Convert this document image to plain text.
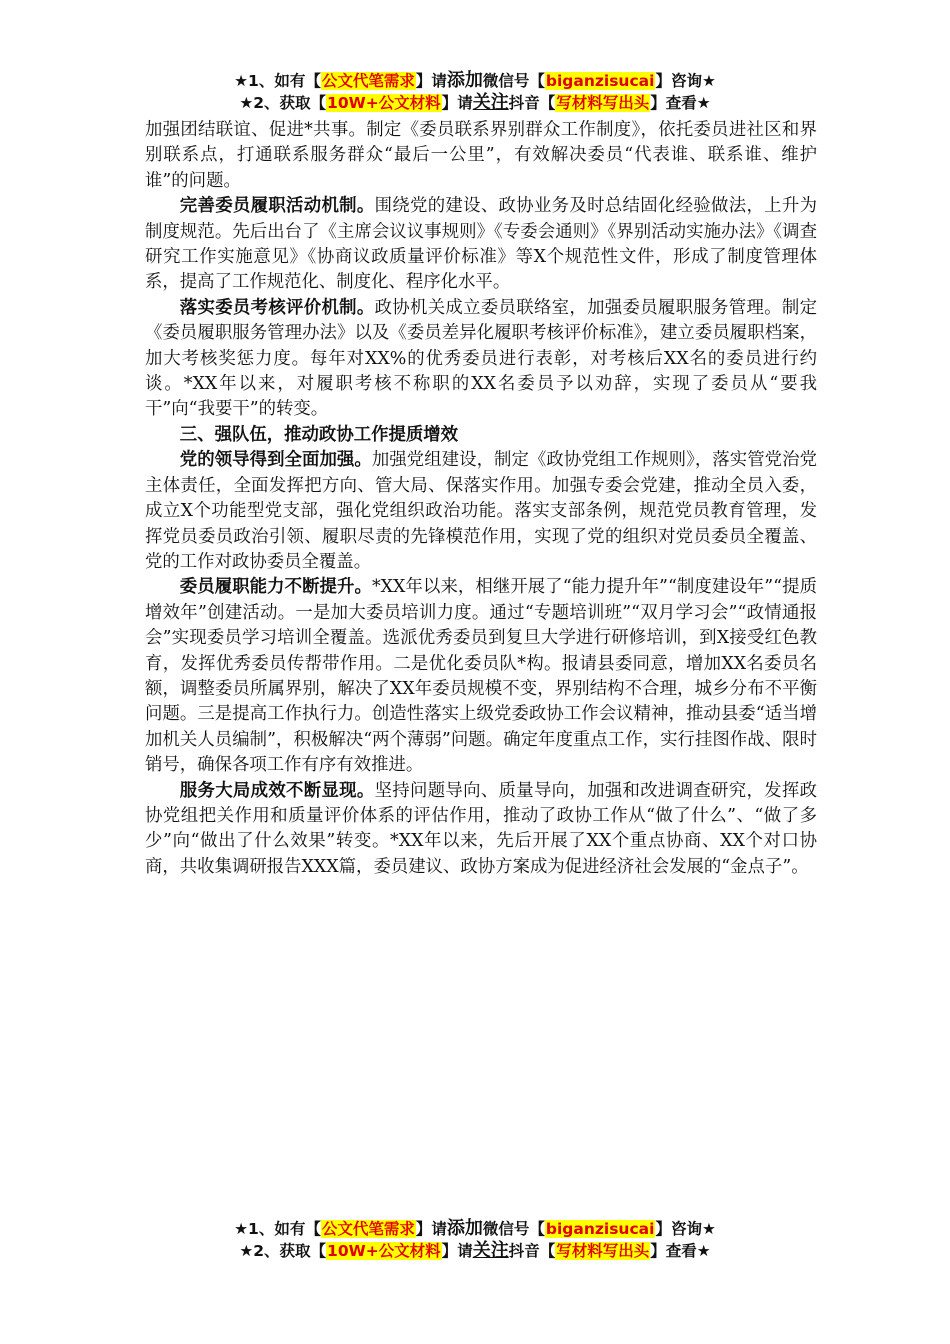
★1、如有【公文代笔需求】请添加微信号【biganzisucai】咨询★
★2、获取【10W+公文材料】请关注抖音【写材料写出头】查看★

加强团结联谊、促进*共事。制定《委员联系界别群众工作制度》，依托委员进社区和界别联系点，打通联系服务群众“最后一公里”，有效解决委员“代表谁、联系谁、维护谁”的问题。

完善委员履职活动机制。围绕党的建设、政协业务及时总结固化经验做法，上升为制度规范。先后出台了《主席会议议事规则》《专委会通则》《界别活动实施办法》《调查研究工作实施意见》《协商议政质量评价标准》等X个规范性文件，形成了制度管理体系，提高了工作规范化、制度化、程序化水平。

落实委员考核评价机制。政协机关成立委员联络室，加强委员履职服务管理。制定《委员履职服务管理办法》以及《委员差异化履职考核评价标准》，建立委员履职档案，加大考核奖惩力度。每年对XX%的优秀委员进行表彰，对考核后XX名的委员进行约谈。*XX年以来，对履职考核不称职的XX名委员予以劝辞，实现了委员从“要我干”向“我要干”的转变。

三、强队伍，推动政协工作提质增效

党的领导得到全面加强。加强党组建设，制定《政协党组工作规则》，落实管党治党主体责任，全面发挥把方向、管大局、保落实作用。加强专委会党建，推动全员入委，成立X个功能型党支部，强化党组织政治功能。落实支部条例，规范党员教育管理，发挥党员委员政治引领、履职尽责的先锋模范作用，实现了党的组织对党员委员全覆盖、党的工作对政协委员全覆盖。

委员履职能力不断提升。*XX年以来，相继开展了“能力提升年”“制度建设年”“提质增效年”创建活动。一是加大委员培训力度。通过“专题培训班”“双月学习会”“政情通报会”实现委员学习培训全覆盖。选派优秀委员到复旦大学进行研修培训，到X接受红色教育，发挥优秀委员传帮带作用。二是优化委员队*构。报请县委同意，增加XX名委员名额，调整委员所属界别，解决了XX年委员规模不变，界别结构不合理，城乡分布不平衡问题。三是提高工作执行力。创造性落实上级党委政协工作会议精神，推动县委“适当增加机关人员编制”，积极解决“两个薄弱”问题。确定年度重点工作，实行挂图作战、限时销号，确保各项工作有序有效推进。

服务大局成效不断显现。坚持问题导向、质量导向，加强和改进调查研究，发挥政协党组把关作用和质量评价体系的评估作用，推动了政协工作从“做了什么”、“做了多少”向“做出了什么效果”转变。*XX年以来，先后开展了XX个重点协商、XX个对口协商，共收集调研报告XXX篇，委员建议、政协方案成为促进经济社会发展的“金点子”。

★1、如有【公文代笔需求】请添加微信号【biganzisucai】咨询★
★2、获取【10W+公文材料】请关注抖音【写材料写出头】查看★
